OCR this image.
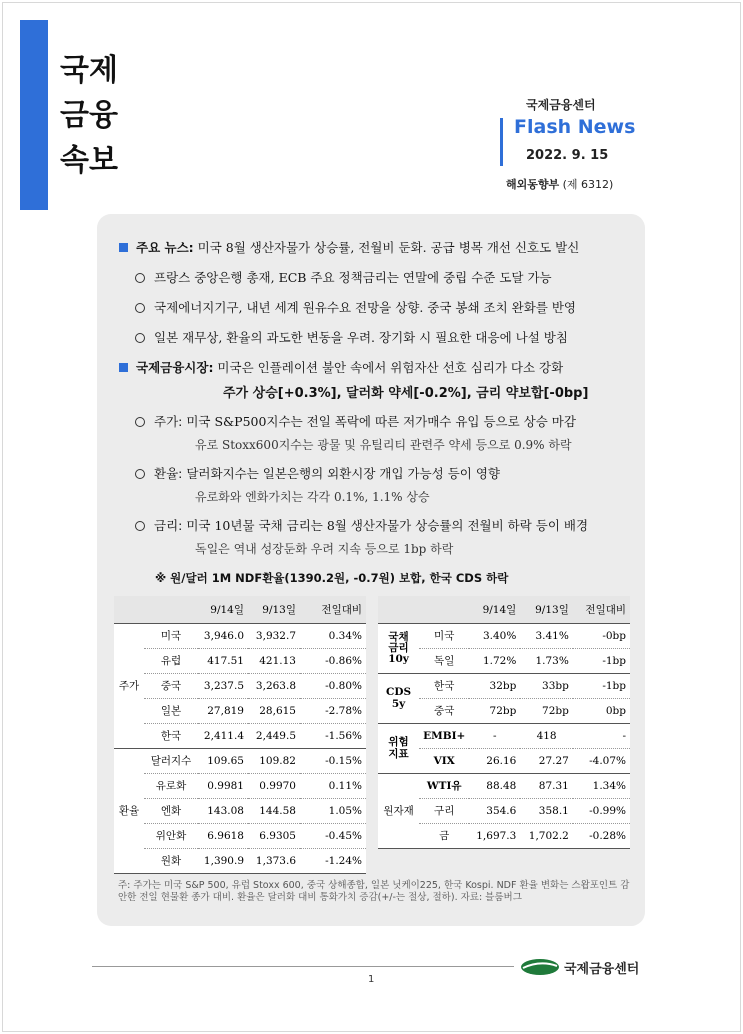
국제
금융
속보
국제금융센터
Flash News
2022. 9. 15
해외동향부 (제 6312)
주요 뉴스: 미국 8월 생산자물가 상승률, 전월비 둔화. 공급 병목 개선 신호도 발신
프랑스 중앙은행 총재, ECB 주요 정책금리는 연말에 중립 수준 도달 가능
국제에너지기구, 내년 세계 원유수요 전망을 상향. 중국 봉쇄 조치 완화를 반영
일본 재무상, 환율의 과도한 변동을 우려. 장기화 시 필요한 대응에 나설 방침
국제금융시장: 미국은 인플레이션 불안 속에서 위험자산 선호 심리가 다소 강화
주가 상승[+0.3%], 달러화 약세[-0.2%], 금리 약보합[-0bp]
주가: 미국 S&P500지수는 전일 폭락에 따른 저가매수 유입 등으로 상승 마감
유로 Stoxx600지수는 광물 및 유틸리티 관련주 약세 등으로 0.9% 하락
환율: 달러화지수는 일본은행의 외환시장 개입 가능성 등이 영향
유로화와 엔화가치는 각각 0.1%, 1.1% 상승
금리: 미국 10년물 국채 금리는 8월 생산자물가 상승률의 전월비 하락 등이 배경
독일은 역내 성장둔화 우려 지속 등으로 1bp 하락
※ 원/달러 1M NDF환율(1390.2원, -0.7원) 보합, 한국 CDS 하락
		9/14일	9/13일	전일대비
주가	미국	3,946.0	3,932.7	0.34%
	유럽	417.51	421.13	-0.86%
	중국	3,237.5	3,263.8	-0.80%
	일본	27,819	28,615	-2.78%
	한국	2,411.4	2,449.5	-1.56%
환율	달러지수	109.65	109.82	-0.15%
	유로화	0.9981	0.9970	0.11%
	엔화	143.08	144.58	1.05%
	위안화	6.9618	6.9305	-0.45%
	원화	1,390.9	1,373.6	-1.24%
		9/14일	9/13일	전일대비
국채
금리
10y	미국	3.40%	3.41%	-0bp
	독일	1.72%	1.73%	-1bp
CDS
5y	한국	32bp	33bp	-1bp
	중국	72bp	72bp	0bp
위험
지표	EMBI+	-	418	-
	VIX	26.16	27.27	-4.07%
원자재	WTI유	88.48	87.31	1.34%
	구리	354.6	358.1	-0.99%
	금	1,697.3	1,702.2	-0.28%
주: 주가는 미국 S&P 500, 유럽 Stoxx 600, 중국 상해종합, 일본 닛케이225, 한국 Kospi. NDF 환율 변화는 스왑포인트 감안한 전일 현물환 종가 대비. 환율은 달러화 대비 통화가치 증감(+/-는 절상, 절하). 자료: 블룸버그
1
국제금융센터
